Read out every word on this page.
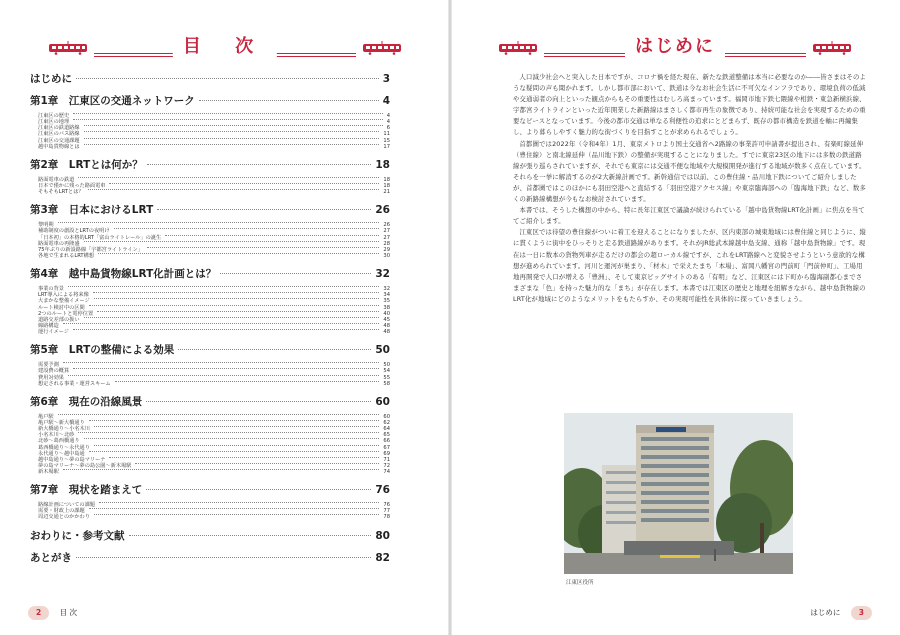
目 次
はじめに	3
第1章　江東区の交通ネットワーク	4
江東区の歴史	4
江東区の地理	4
江東区の鉄道路線	6
江東区のバス路線	11
江東区の交通課題	15
越中島貨物線とは	17
第2章　LRTとは何か？	18
路面電車の鉄道	18
日本で僅かに残った路面電車	18
そもそもLRTとは？	21
第3章　日本におけるLRT	26
黎明期	26
補助制度の創設とLRTの夜明け	27
「日本初」の本格的LRT「富山ライトレール」の誕生	27
路面電車の再隆盛	28
75年ぶりの新設路線「宇都宮ライトライン」	29
各地で生まれるLRT構想	30
第4章　越中島貨物線LRT化計画とは？	32
事業の背景	32
LRT導入による将来像	34
大まかな整備イメージ	35
ルート検討中の区間	38
2つのルートと電停位置	40
道路交差部の扱い	45
線路構造	48
運行イメージ	48
第5章　LRTの整備による効果	50
需要予測	50
建設費の概算	54
費用対効果	55
想定される事業・運営スキーム	58
第6章　現在の沿線風景	60
亀戸駅	60
亀戸駅～新大橋通り	62
新大橋通り～小名木川	64
小名木川～北砂	65
北砂～葛西橋通り	66
葛西橋通り～永代通り	67
永代通り～越中島通	69
越中島通り～夢の島マリーナ	71
夢の島マリーナ～夢の島公園～新木場駅	72
新木場駅	74
第7章　現状を踏まえて	76
路線計画についての課題	76
需要・財政上の課題	77
周辺交通とのかかわり	78
おわりに・参考文献	80
あとがき	82
2 目 次
はじめに
はじめに 3

人口減少社会へと突入した日本ですが、コロナ禍を経た現在、新たな鉄道整備は本当に必要なのか――皆さまはそのような疑問の声も聞かれます。しかし都市部において、鉄道は今なお社会生活に不可欠なインフラであり、環境負荷の低減や交通弱者の向上といった観点からもその重要性はむしろ高まっています。福岡市地下鉄七隈線や相鉄・東急新横浜線、宇都宮ライトラインといった近年開業した新路線はまさしく都市再生の象徴であり、持続可能な社会を実現するための重要なピースとなっています。今後の都市交通は単なる利便性の追求にとどまらず、既存の都市構造を鉄道を軸に再編集し、より暮らしやすく魅力的な街づくりを目指すことが求められるでしょう。

首都圏では2022年（令和4年）1月、東京メトロより国土交通省へ2路線の事業許可申請書が提出され、有楽町線延伸（豊住線）と南北線延伸（品川地下鉄）の整備が実現することになりました。すでに東京23区の地下には多数の鉄道路線が張り巡らされていますが、それでも東京には交通不便な地域や大規模開発が進行する地域が数多く点在しています。それらを一挙に解消するのが2大新線計画です。新幹通信では以前、この豊住線・品川地下鉄についてご紹介しましたが、首都圏ではこのほかにも羽田空港へと直結する「羽田空港アクセス線」や東京臨海部への「臨海地下鉄」など、数多くの新路線構想が今もなお検討されています。

本書では、そうした構想の中から、特に長年江東区で議論が続けられている「越中島貨物線LRT化計画」に焦点を当ててご紹介します。

江東区では待望の豊住線がついに着工を迎えることになりましたが、区内東部の城東地域には豊住線と同じように、縦に貫くように街中をひっそりと走る鉄道路線があります。それがJR総武本線越中島支線、通称「越中島貨物線」です。現在は一日に数本の貨物列車が走るだけの都会の超ローカル線ですが、これをLRT路線へと変貌させようという意欲的な構想が進められています。河川と運河が巣まり、「材木」で栄えたまち「本場」、富岡八幡宮の門前町「門前仲町」、工場用地再開発で人口が増える「豊洲」、そして東京ビッグサイトのある「有明」など、江東区には下町から臨海副都心までさまざまな「色」を持った魅力的な「まち」が存在します。本書では江東区の歴史と地理を紐解きながら、越中島貨物線のLRT化が地域にどのようなメリットをもたらすか、その実現可能性を具体的に探っていきましょう。

江東区役所
